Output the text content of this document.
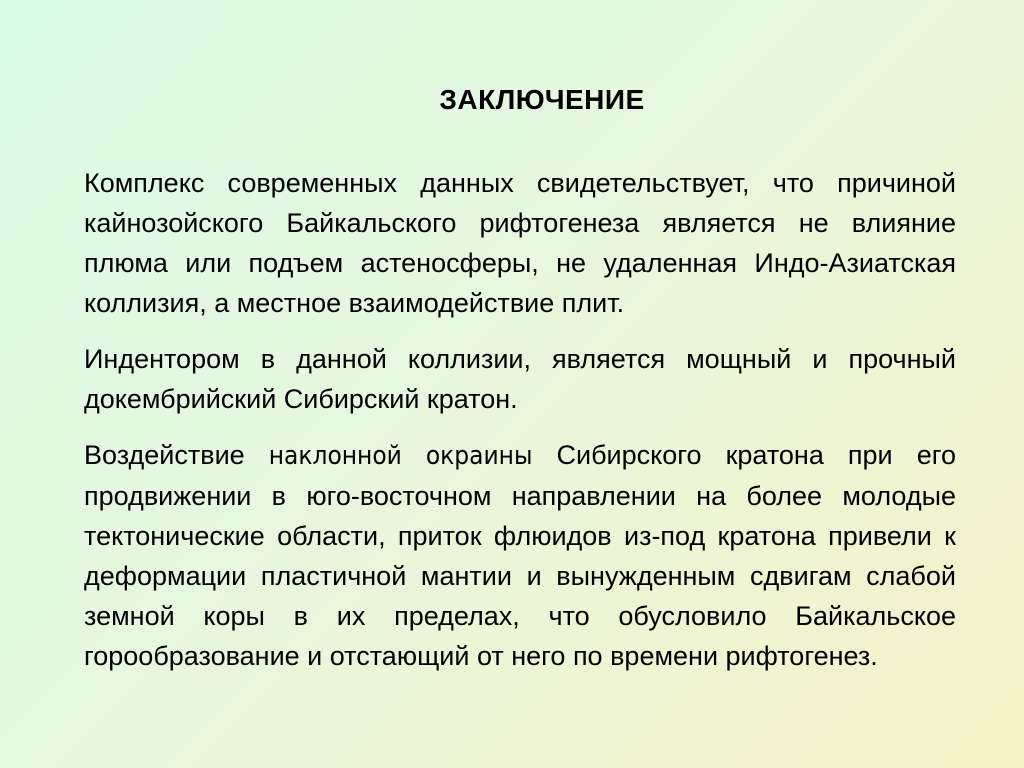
ЗАКЛЮЧЕНИЕ

Комплекс современных данных свидетельствует, что причиной кайнозойского Байкальского рифтогенеза является не влияние плюма или подъем астеносферы, не удаленная Индо-Азиатская коллизия, а местное взаимодействие плит.

Индентором в данной коллизии, является мощный и прочный докембрийский Сибирский кратон.

Воздействие наклонной окраины Сибирского кратона при его продвижении в юго-восточном направлении на более молодые тектонические области, приток флюидов из-под кратона привели к деформации пластичной мантии и вынужденным сдвигам слабой земной коры в их пределах, что обусловило Байкальское горообразование и отстающий от него по времени рифтогенез.
